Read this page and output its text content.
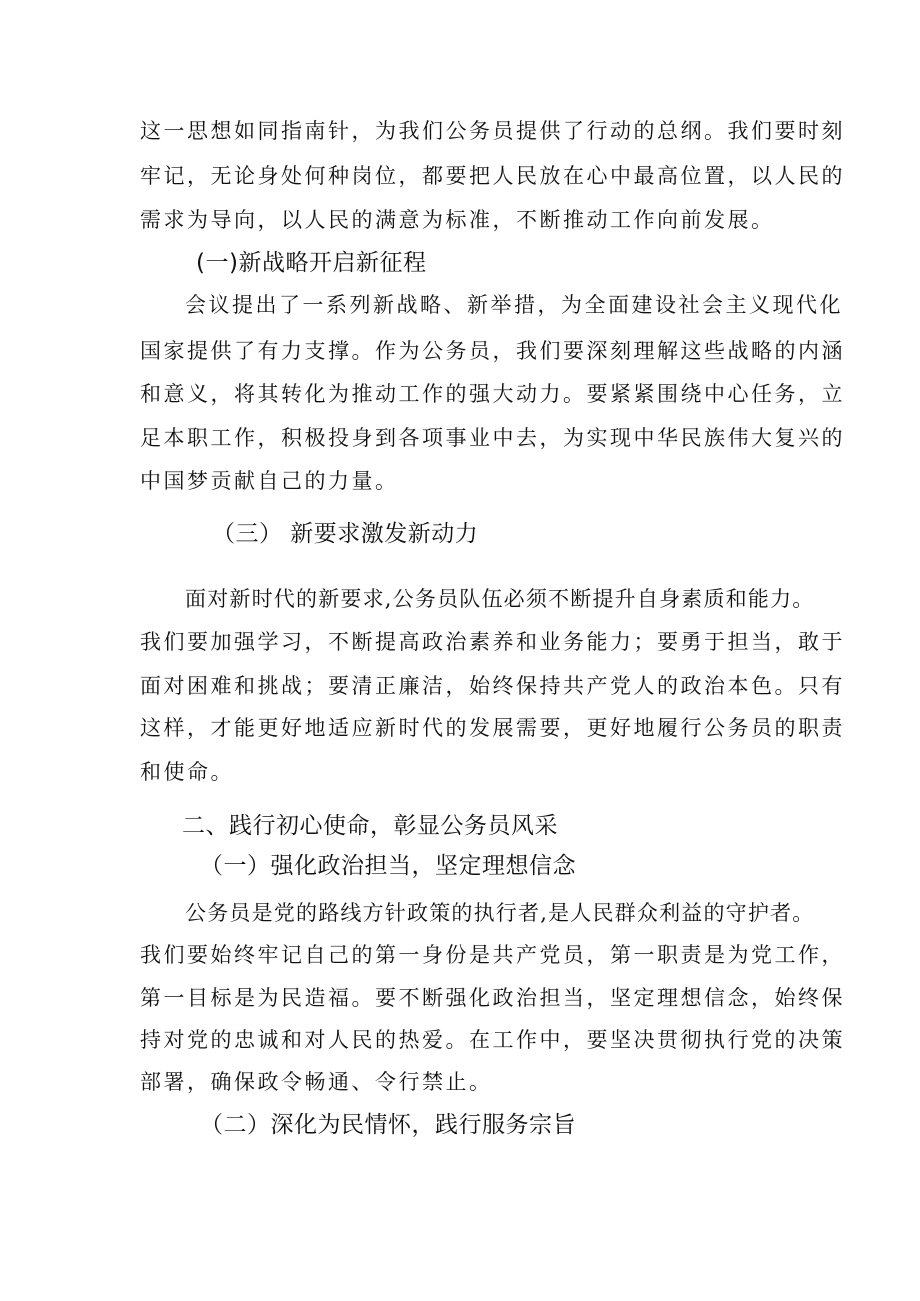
这一思想如同指南针，为我们公务员提供了行动的总纲。我们要时刻
牢记，无论身处何种岗位，都要把人民放在心中最高位置，以人民的
需求为导向，以人民的满意为标准，不断推动工作向前发展。
(一)新战略开启新征程
会议提出了一系列新战略、新举措，为全面建设社会主义现代化
国家提供了有力支撑。作为公务员，我们要深刻理解这些战略的内涵
和意义，将其转化为推动工作的强大动力。要紧紧围绕中心任务，立
足本职工作，积极投身到各项事业中去，为实现中华民族伟大复兴的
中国梦贡献自己的力量。
（三） 新要求激发新动力
面对新时代的新要求,公务员队伍必须不断提升自身素质和能力。
我们要加强学习，不断提高政治素养和业务能力；要勇于担当，敢于
面对困难和挑战；要清正廉洁，始终保持共产党人的政治本色。只有
这样，才能更好地适应新时代的发展需要，更好地履行公务员的职责
和使命。
二、践行初心使命，彰显公务员风采
（一）强化政治担当，坚定理想信念
公务员是党的路线方针政策的执行者,是人民群众利益的守护者。
我们要始终牢记自己的第一身份是共产党员，第一职责是为党工作，
第一目标是为民造福。要不断强化政治担当，坚定理想信念，始终保
持对党的忠诚和对人民的热爱。在工作中，要坚决贯彻执行党的决策
部署，确保政令畅通、令行禁止。
（二）深化为民情怀，践行服务宗旨
